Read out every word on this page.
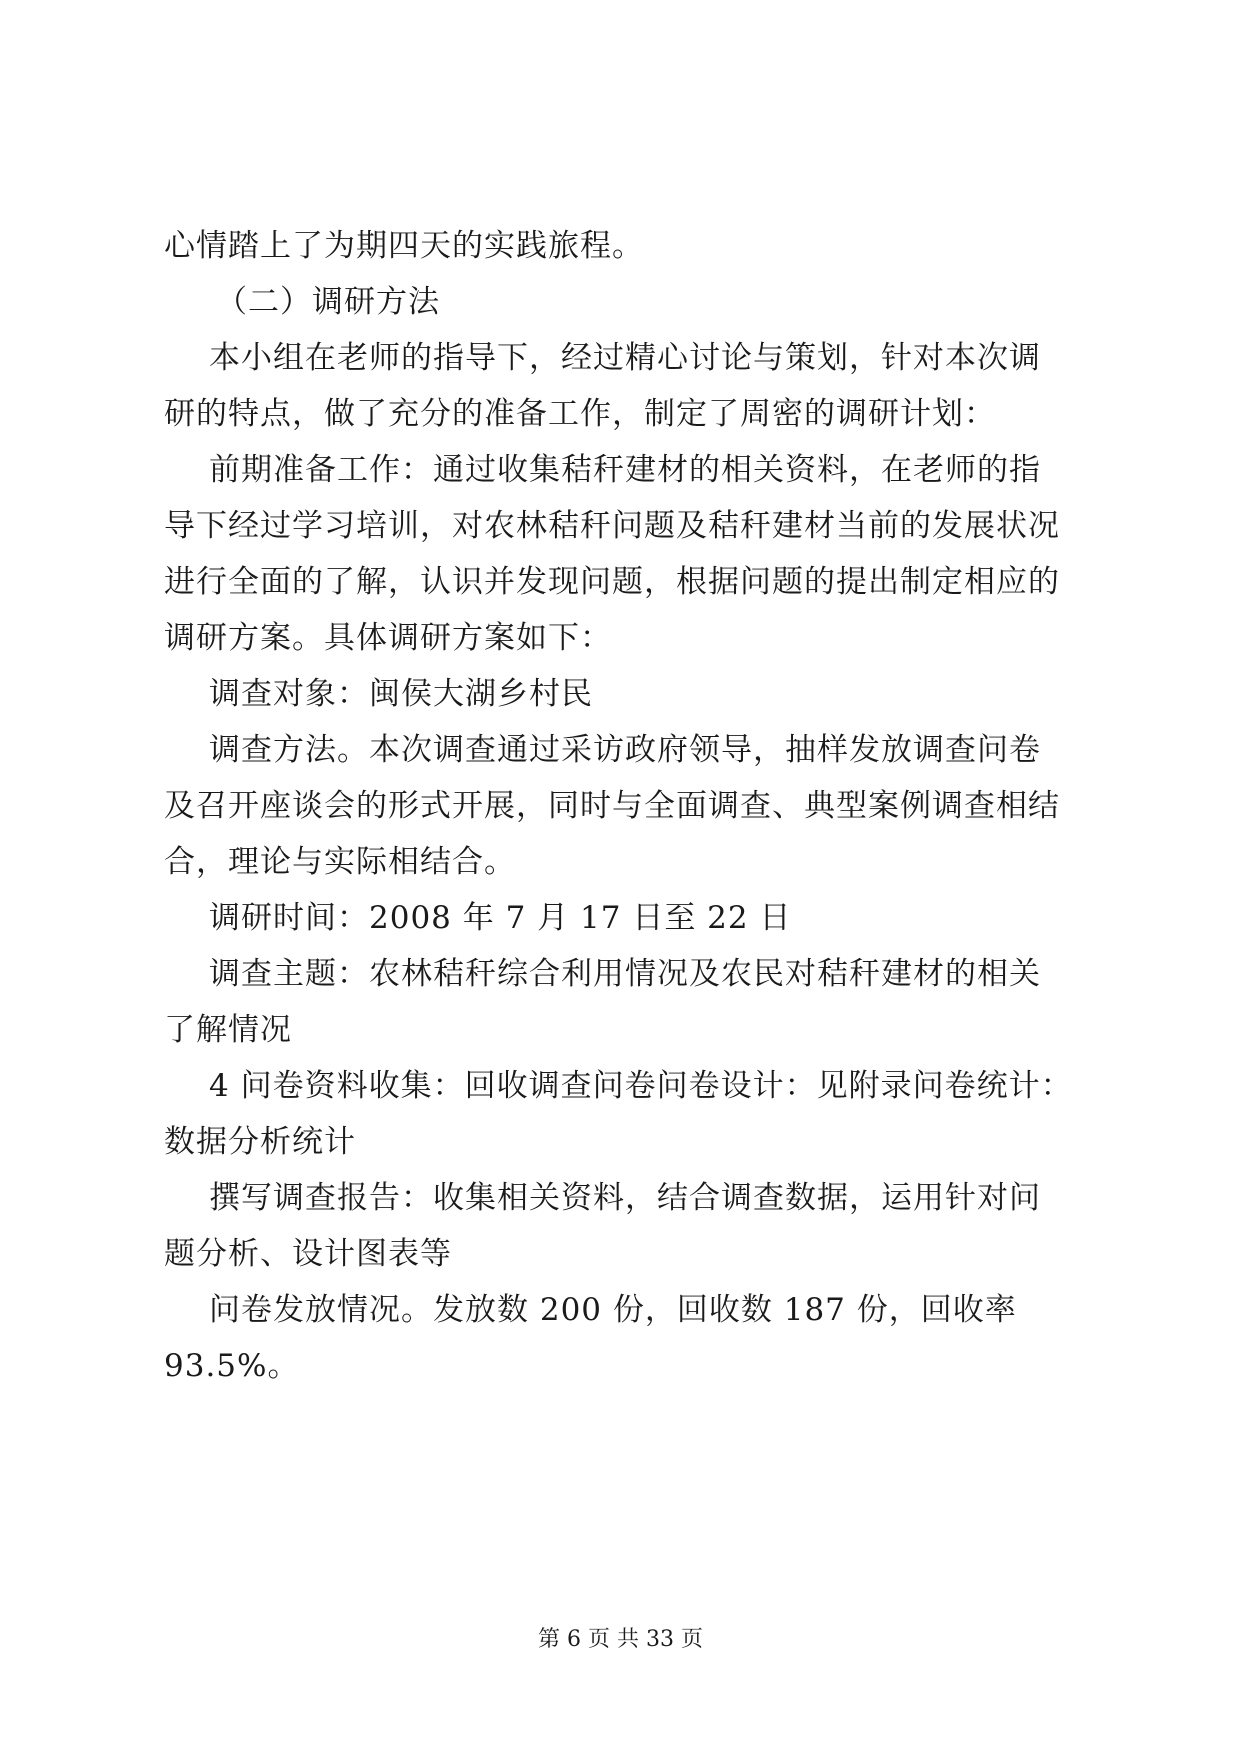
心情踏上了为期四天的实践旅程。
（二）调研方法
本小组在老师的指导下，经过精心讨论与策划，针对本次调
研的特点，做了充分的准备工作，制定了周密的调研计划：
前期准备工作：通过收集秸秆建材的相关资料，在老师的指
导下经过学习培训，对农林秸秆问题及秸秆建材当前的发展状况
进行全面的了解，认识并发现问题，根据问题的提出制定相应的
调研方案。具体调研方案如下：
调查对象：闽侯大湖乡村民
调查方法。本次调查通过采访政府领导，抽样发放调查问卷
及召开座谈会的形式开展，同时与全面调查、典型案例调查相结
合，理论与实际相结合。
调研时间：2008 年 7 月 17 日至 22 日
调查主题：农林秸秆综合利用情况及农民对秸秆建材的相关
了解情况
4 问卷资料收集：回收调查问卷问卷设计：见附录问卷统计：
数据分析统计
撰写调查报告：收集相关资料，结合调查数据，运用针对问
题分析、设计图表等
问卷发放情况。发放数 200 份，回收数 187 份，回收率
93.5%。
第 6 页 共 33 页
